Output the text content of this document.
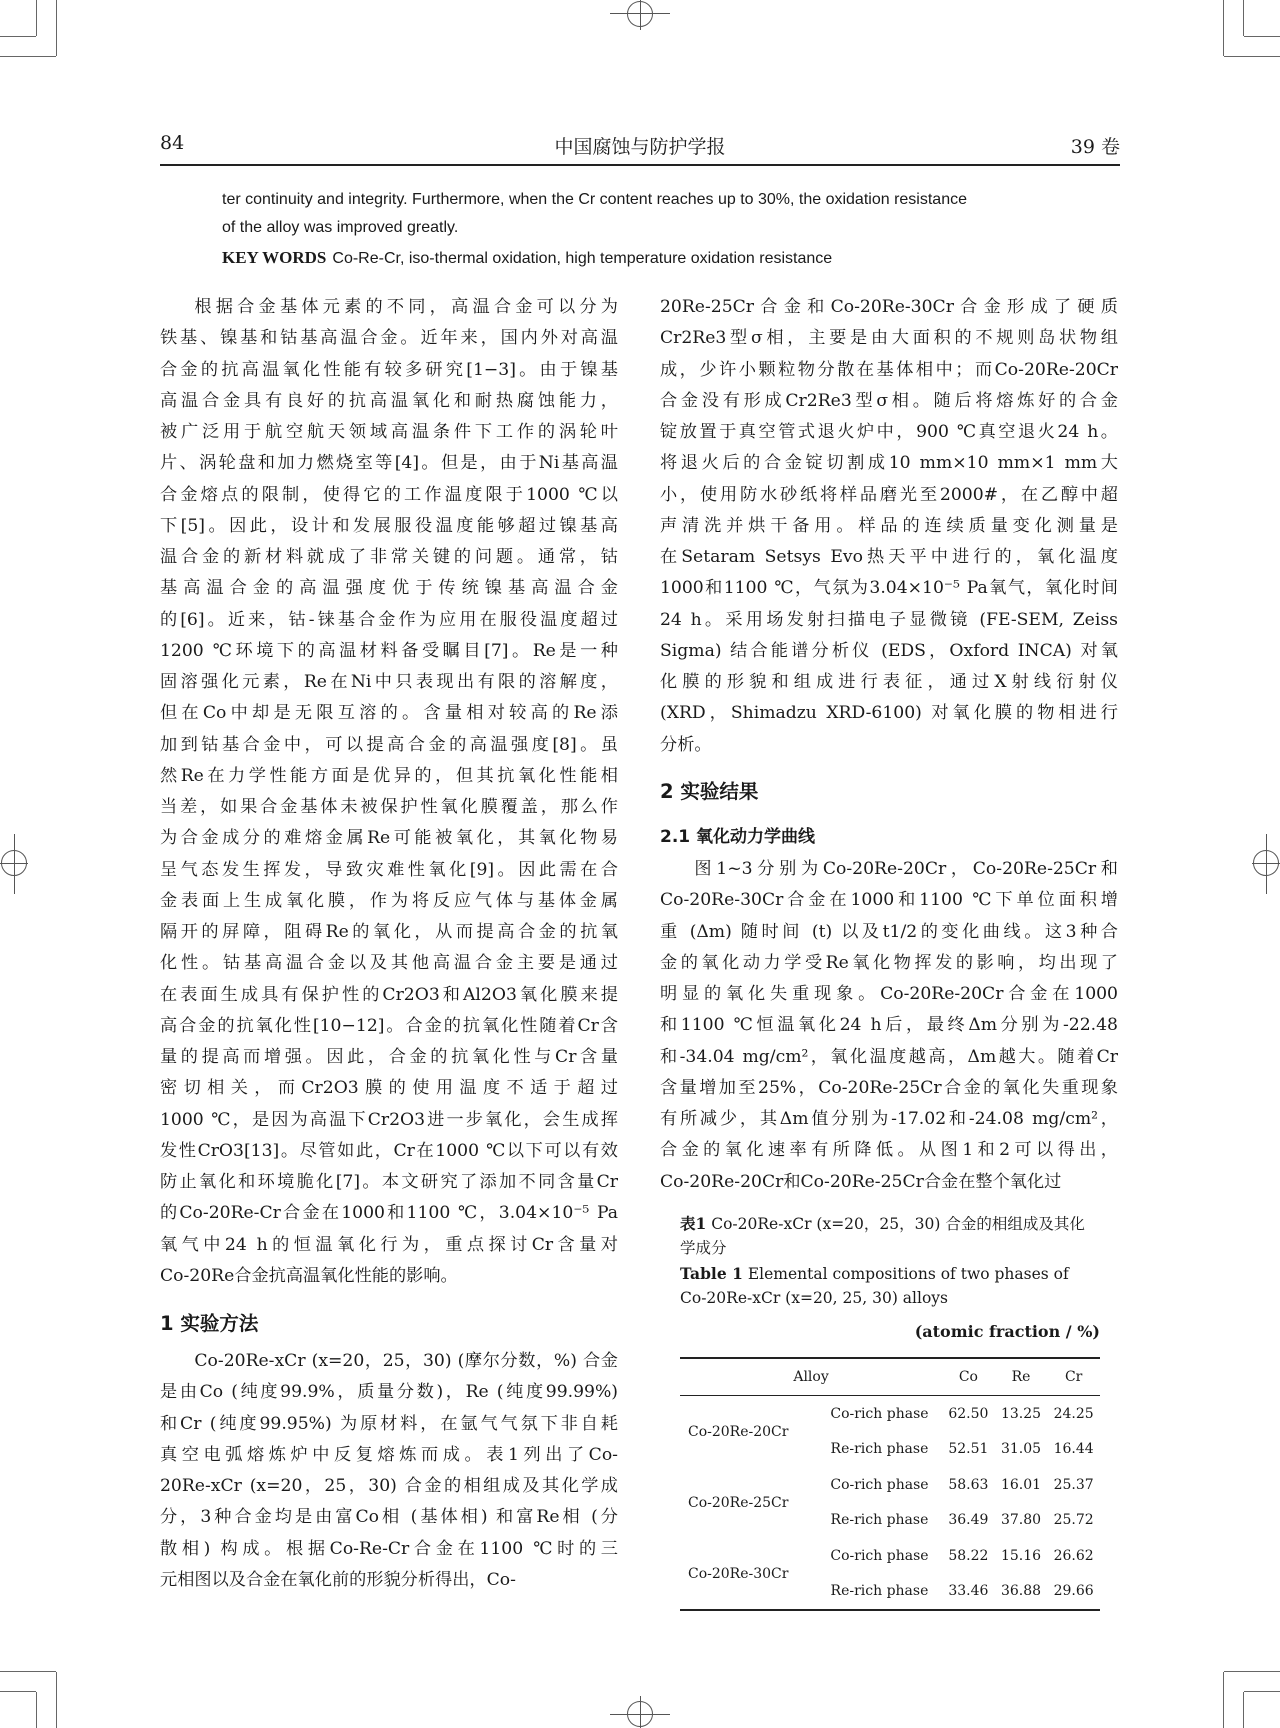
84	中国腐蚀与防护学报	39 卷
ter continuity and integrity. Furthermore, when the Cr content reaches up to 30%, the oxidation resistance
of the alloy was improved greatly.
KEY WORDS Co-Re-Cr, iso-thermal oxidation, high temperature oxidation resistance

根据合金基体元素的不同，高温合金可以分为

铁基、镍基和钴基高温合金。近年来，国内外对高温

合金的抗高温氧化性能有较多研究[1−3]。由于镍基

高温合金具有良好的抗高温氧化和耐热腐蚀能力，

被广泛用于航空航天领域高温条件下工作的涡轮叶

片、涡轮盘和加力燃烧室等[4]。但是，由于Ni基高温

合金熔点的限制，使得它的工作温度限于1000 ℃以

下[5]。因此，设计和发展服役温度能够超过镍基高

温合金的新材料就成了非常关键的问题。通常，钴

基高温合金的高温强度优于传统镍基高温合金

的[6]。近来，钴-铼基合金作为应用在服役温度超过

1200 ℃环境下的高温材料备受瞩目[7]。Re是一种

固溶强化元素，Re在Ni中只表现出有限的溶解度，

但在Co中却是无限互溶的。含量相对较高的Re添

加到钴基合金中，可以提高合金的高温强度[8]。虽

然Re在力学性能方面是优异的，但其抗氧化性能相

当差，如果合金基体未被保护性氧化膜覆盖，那么作

为合金成分的难熔金属Re可能被氧化，其氧化物易

呈气态发生挥发，导致灾难性氧化[9]。因此需在合

金表面上生成氧化膜，作为将反应气体与基体金属

隔开的屏障，阻碍Re的氧化，从而提高合金的抗氧

化性。钴基高温合金以及其他高温合金主要是通过

在表面生成具有保护性的Cr2O3和Al2O3氧化膜来提

高合金的抗氧化性[10−12]。合金的抗氧化性随着Cr含

量的提高而增强。因此，合金的抗氧化性与Cr含量

密切相关，而Cr2O3膜的使用温度不适于超过

1000 ℃，是因为高温下Cr2O3进一步氧化，会生成挥

发性CrO3[13]。尽管如此，Cr在1000 ℃以下可以有效

防止氧化和环境脆化[7]。本文研究了添加不同含量Cr

的Co-20Re-Cr合金在1000和1100 ℃，3.04×10⁻⁵ Pa

氧气中24 h的恒温氧化行为，重点探讨Cr含量对

Co-20Re合金抗高温氧化性能的影响。

1 实验方法

Co-20Re-xCr (x=20，25，30) (摩尔分数，%) 合金

是由Co (纯度99.9%，质量分数)，Re (纯度99.99%)

和Cr (纯度99.95%) 为原材料，在氩气气氛下非自耗

真空电弧熔炼炉中反复熔炼而成。表1列出了Co-

20Re-xCr (x=20，25，30) 合金的相组成及其化学成

分，3种合金均是由富Co相 (基体相) 和富Re相 (分

散相) 构成。根据Co-Re-Cr合金在1100 ℃时的三

元相图以及合金在氧化前的形貌分析得出，Co-

20Re-25Cr合金和Co-20Re-30Cr合金形成了硬质

Cr2Re3型σ相，主要是由大面积的不规则岛状物组

成，少许小颗粒物分散在基体相中；而Co-20Re-20Cr

合金没有形成Cr2Re3型σ相。随后将熔炼好的合金

锭放置于真空管式退火炉中，900 ℃真空退火24 h。

将退火后的合金锭切割成10 mm×10 mm×1 mm大

小，使用防水砂纸将样品磨光至2000#，在乙醇中超

声清洗并烘干备用。样品的连续质量变化测量是

在Setaram Setsys Evo热天平中进行的，氧化温度

1000和1100 ℃，气氛为3.04×10⁻⁵ Pa氧气，氧化时间

24 h。采用场发射扫描电子显微镜 (FE-SEM, Zeiss

Sigma) 结合能谱分析仪 (EDS，Oxford INCA) 对氧

化膜的形貌和组成进行表征，通过X射线衍射仪

(XRD，Shimadzu XRD-6100) 对氧化膜的物相进行

分析。

2 实验结果
2.1 氧化动力学曲线

图1~3分别为Co-20Re-20Cr，Co-20Re-25Cr和

Co-20Re-30Cr合金在1000和1100 ℃下单位面积增

重 (Δm) 随时间 (t) 以及t1/2的变化曲线。这3种合

金的氧化动力学受Re氧化物挥发的影响，均出现了

明显的氧化失重现象。Co-20Re-20Cr合金在1000

和1100 ℃恒温氧化24 h后，最终Δm分别为-22.48

和-34.04 mg/cm²，氧化温度越高，Δm越大。随着Cr

含量增加至25%，Co-20Re-25Cr合金的氧化失重现象

有所减少，其Δm值分别为-17.02和-24.08 mg/cm²，

合金的氧化速率有所降低。从图1和2可以得出，

Co-20Re-20Cr和Co-20Re-25Cr合金在整个氧化过

表1 Co-20Re-xCr (x=20，25，30) 合金的相组成及其化学成分
Table 1 Elemental compositions of two phases of Co-20Re-xCr (x=20, 25, 30) alloys
(atomic fraction / %)
Alloy		Co	Re	Cr
Co-20Re-20Cr	Co-rich phase	62.50	13.25	24.25
	Re-rich phase	52.51	31.05	16.44
Co-20Re-25Cr	Co-rich phase	58.63	16.01	25.37
	Re-rich phase	36.49	37.80	25.72
Co-20Re-30Cr	Co-rich phase	58.22	15.16	26.62
	Re-rich phase	33.46	36.88	29.66
